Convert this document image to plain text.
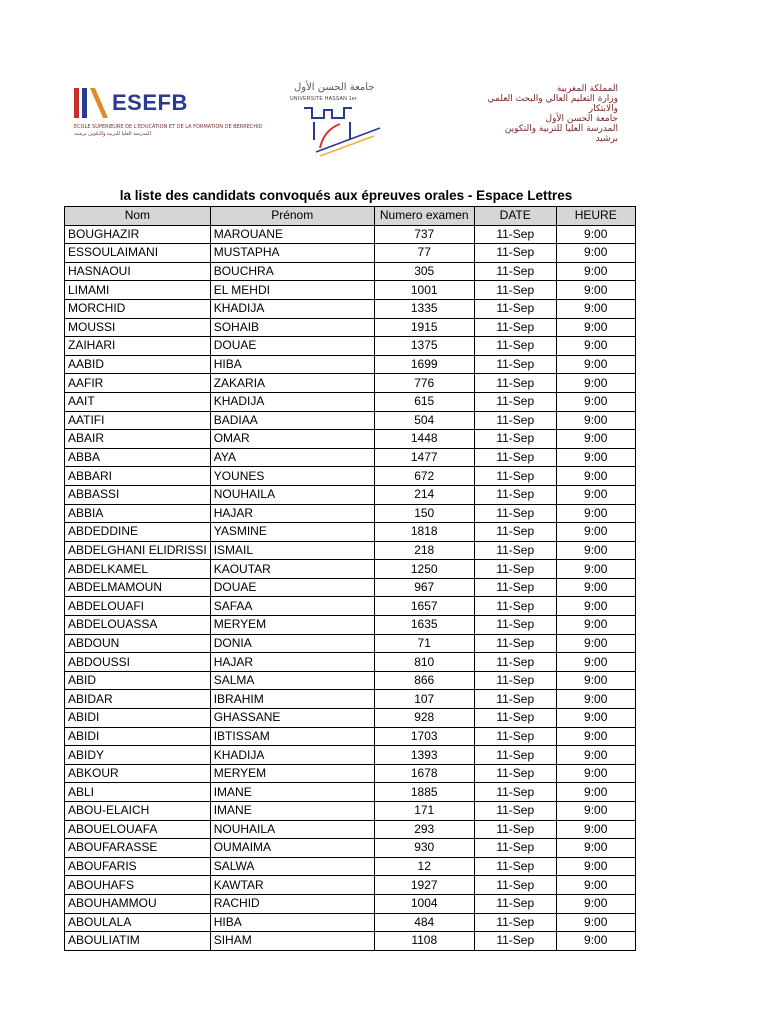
ESEFB
ECOLE SUPERIEURE DE L'EDUCATION ET DE LA FORMATION DE BERRECHID
المدرسة العليا للتربية والتكوين برشيد
جامعة الحسن الأول
UNIVERSITÉ HASSAN 1er
المملكة المغربية
وزارة التعليم العالي والبحث العلمي
والابتكار
جامعة الحسن الأول
المدرسة العليا للتربية والتكوين
برشيد
la liste des candidats convoqués aux épreuves orales - Espace Lettres
Nom	Prénom	Numero examen	DATE	HEURE
BOUGHAZIR	MAROUANE	737	11-Sep	9:00
ESSOULAIMANI	MUSTAPHA	77	11-Sep	9:00
HASNAOUI	BOUCHRA	305	11-Sep	9:00
LIMAMI	EL MEHDI	1001	11-Sep	9:00
MORCHID	KHADIJA	1335	11-Sep	9:00
MOUSSI	SOHAIB	1915	11-Sep	9:00
ZAIHARI	DOUAE	1375	11-Sep	9:00
AABID	HIBA	1699	11-Sep	9:00
AAFIR	ZAKARIA	776	11-Sep	9:00
AAIT	KHADIJA	615	11-Sep	9:00
AATIFI	BADIAA	504	11-Sep	9:00
ABAIR	OMAR	1448	11-Sep	9:00
ABBA	AYA	1477	11-Sep	9:00
ABBARI	YOUNES	672	11-Sep	9:00
ABBASSI	NOUHAILA	214	11-Sep	9:00
ABBIA	HAJAR	150	11-Sep	9:00
ABDEDDINE	YASMINE	1818	11-Sep	9:00
ABDELGHANI ELIDRISSI	ISMAIL	218	11-Sep	9:00
ABDELKAMEL	KAOUTAR	1250	11-Sep	9:00
ABDELMAMOUN	DOUAE	967	11-Sep	9:00
ABDELOUAFI	SAFAA	1657	11-Sep	9:00
ABDELOUASSA	MERYEM	1635	11-Sep	9:00
ABDOUN	DONIA	71	11-Sep	9:00
ABDOUSSI	HAJAR	810	11-Sep	9:00
ABID	SALMA	866	11-Sep	9:00
ABIDAR	IBRAHIM	107	11-Sep	9:00
ABIDI	GHASSANE	928	11-Sep	9:00
ABIDI	IBTISSAM	1703	11-Sep	9:00
ABIDY	KHADIJA	1393	11-Sep	9:00
ABKOUR	MERYEM	1678	11-Sep	9:00
ABLI	IMANE	1885	11-Sep	9:00
ABOU-ELAICH	IMANE	171	11-Sep	9:00
ABOUELOUAFA	NOUHAILA	293	11-Sep	9:00
ABOUFARASSE	OUMAIMA	930	11-Sep	9:00
ABOUFARIS	SALWA	12	11-Sep	9:00
ABOUHAFS	KAWTAR	1927	11-Sep	9:00
ABOUHAMMOU	RACHID	1004	11-Sep	9:00
ABOULALA	HIBA	484	11-Sep	9:00
ABOULIATIM	SIHAM	1108	11-Sep	9:00
